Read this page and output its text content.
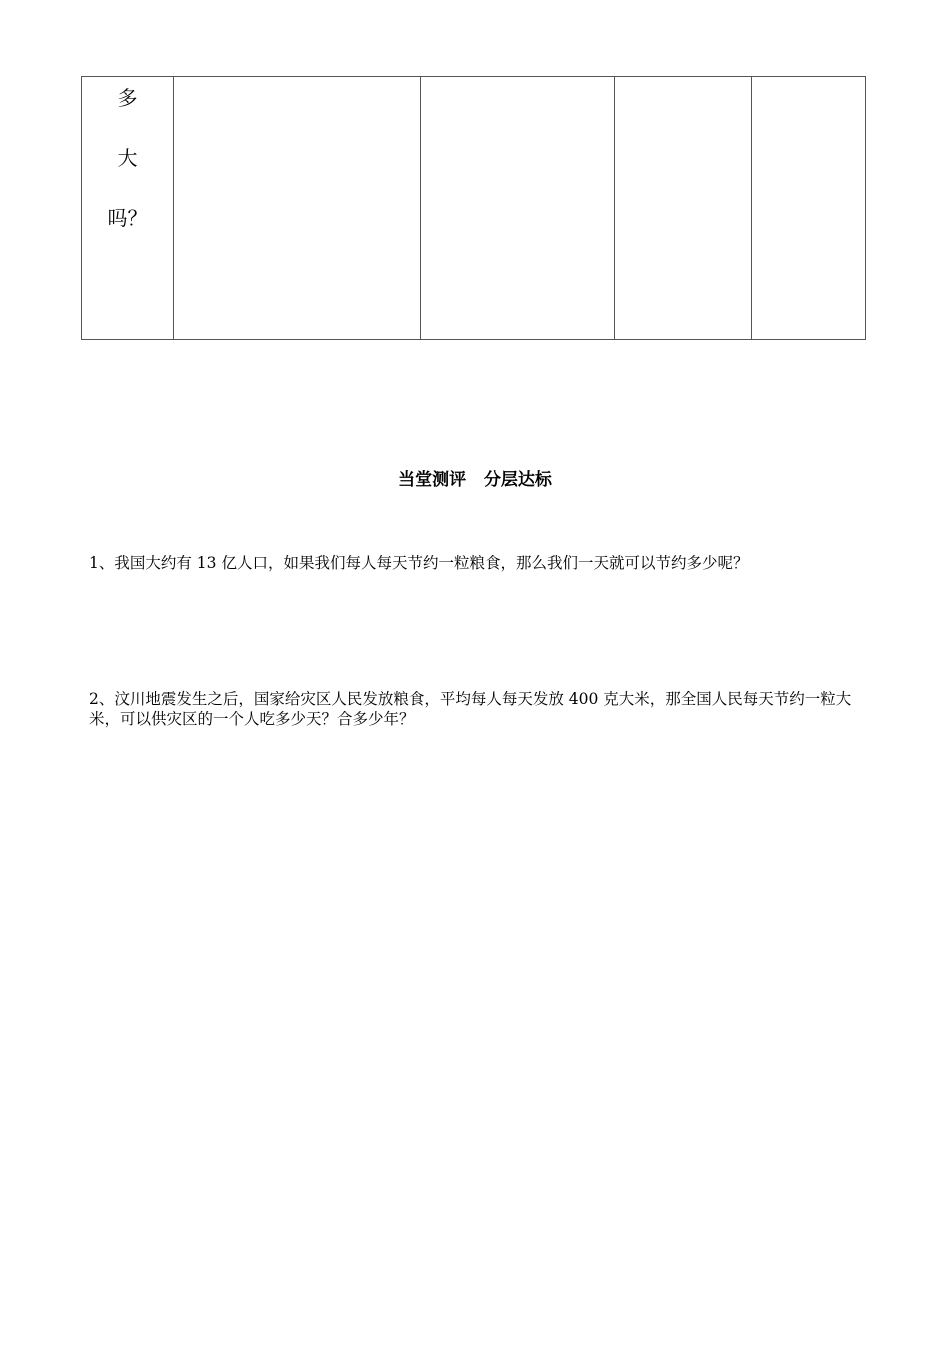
多
大
吗？

当堂测评   分层达标
1、我国大约有 13 亿人口，如果我们每人每天节约一粒粮食，那么我们一天就可以节约多少呢？
2、汶川地震发生之后，国家给灾区人民发放粮食，平均每人每天发放 400 克大米，那全国人民每天节约一粒大米，可以供灾区的一个人吃多少天？合多少年？
